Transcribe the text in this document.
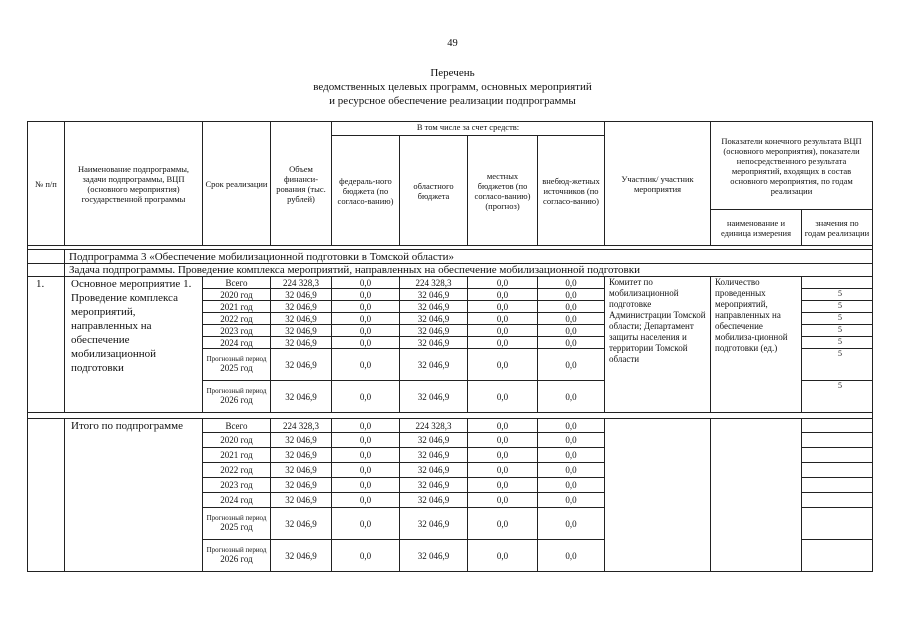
49
Перечень
ведомственных целевых программ, основных мероприятий
и ресурсное обеспечение реализации подпрограммы
№ п/п	Наименование подпрограммы, задачи подпрограммы, ВЦП (основного мероприятия) государственной программы	Срок реализации	Объем финанси-рования (тыс. рублей)	В том числе за счет средств:				Участник/ участник мероприятия	Показатели конечного результата ВЦП (основного мероприятия), показатели непосредственного результата мероприятий, входящих в состав основного мероприятия, по годам реализации	
				федераль-ного бюджета (по согласо-ванию)	областного бюджета	местных бюджетов (по согласо-ванию) (прогноз)	внебюд-жетных источников (по согласо-ванию)			
									наименование и единица измерения	значения по годам реализации

	Подпрограмма 3 «Обеспечение мобилизационной подготовки в Томской области»									
	Задача подпрограммы. Проведение комплекса мероприятий, направленных на обеспечение мобилизационной подготовки									
1.	Основное мероприятие 1. Проведение комплекса мероприятий, направленных на обеспечение мобилизационной подготовки	Всего	224 328,3	0,0	224 328,3	0,0	0,0	Комитет по мобилизационной подготовке Администрации Томской области; Департамент защиты населения и территории Томской области	Количество проведенных мероприятий, направленных на обеспечение мобилиза-ционной подготовки (ед.)	
		2020 год	32 046,9	0,0	32 046,9	0,0	0,0			5
		2021 год	32 046,9	0,0	32 046,9	0,0	0,0			5
		2022 год	32 046,9	0,0	32 046,9	0,0	0,0			5
		2023 год	32 046,9	0,0	32 046,9	0,0	0,0			5
		2024 год	32 046,9	0,0	32 046,9	0,0	0,0			5
		Прогнозный период
2025 год	32 046,9	0,0	32 046,9	0,0	0,0			5
		Прогнозный период
2026 год	32 046,9	0,0	32 046,9	0,0	0,0			5

	Итого по подпрограмме	Всего	224 328,3	0,0	224 328,3	0,0	0,0			
		2020 год	32 046,9	0,0	32 046,9	0,0	0,0			
		2021 год	32 046,9	0,0	32 046,9	0,0	0,0			
		2022 год	32 046,9	0,0	32 046,9	0,0	0,0			
		2023 год	32 046,9	0,0	32 046,9	0,0	0,0			
		2024 год	32 046,9	0,0	32 046,9	0,0	0,0			
		Прогнозный период
2025 год	32 046,9	0,0	32 046,9	0,0	0,0			
		Прогнозный период
2026 год	32 046,9	0,0	32 046,9	0,0	0,0			
